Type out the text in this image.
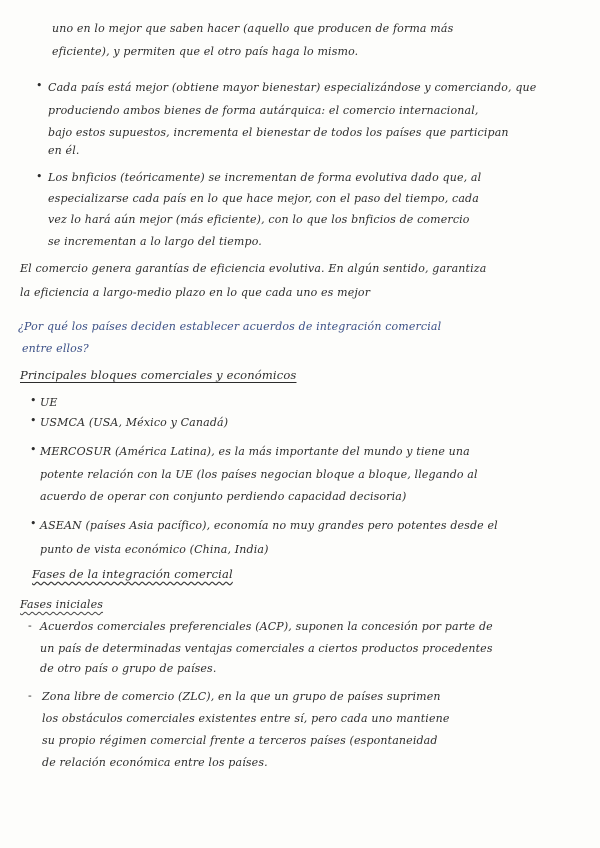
uno en lo mejor que saben hacer (aquello que producen de forma más
eficiente), y permiten que el otro país haga lo mismo.
• Cada país está mejor (obtiene mayor bienestar) especializándose y comerciando, que
produciendo ambos bienes de forma autárquica: el comercio internacional,
bajo estos supuestos, incrementa el bienestar de todos los países que participan
en él.
• Los bnficios (teóricamente) se incrementan de forma evolutiva dado que, al
especializarse cada país en lo que hace mejor, con el paso del tiempo, cada
vez lo hará aún mejor (más eficiente), con lo que los bnficios de comercio
se incrementan a lo largo del tiempo.
El comercio genera garantías de eficiencia evolutiva. En algún sentido, garantiza
la eficiencia a largo-medio plazo en lo que cada uno es mejor
¿Por qué los países deciden establecer acuerdos de integración comercial
entre ellos?
Principales bloques comerciales y económicos
• UE
• USMCA (USA, México y Canadá)
• MERCOSUR (América Latina), es la más importante del mundo y tiene una
potente relación con la UE (los países negocian bloque a bloque, llegando al
acuerdo de operar con conjunto perdiendo capacidad decisoria)
• ASEAN (países Asia pacífico), economía no muy grandes pero potentes desde el
punto de vista económico (China, India)
Fases de la integración comercial
Fases iniciales
- Acuerdos comerciales preferenciales (ACP), suponen la concesión por parte de
un país de determinadas ventajas comerciales a ciertos productos procedentes
de otro país o grupo de países.
- Zona libre de comercio (ZLC), en la que un grupo de países suprimen
los obstáculos comerciales existentes entre sí, pero cada uno mantiene
su propio régimen comercial frente a terceros países (espontaneidad
de relación económica entre los países.
